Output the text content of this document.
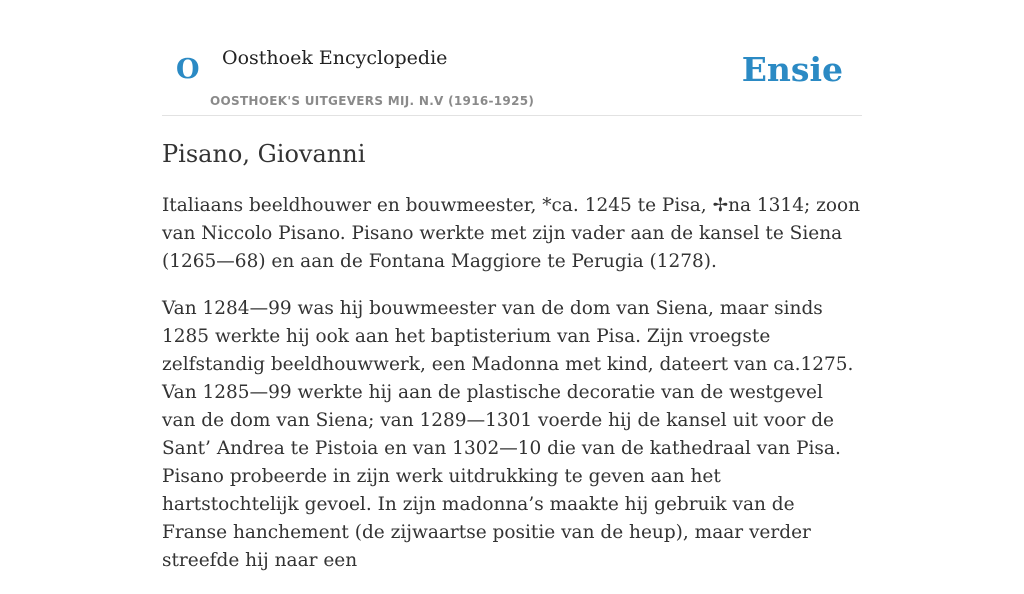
O Oosthoek Encyclopedie
OOSTHOEK'S UITGEVERS MIJ. N.V (1916-1925)
Ensie
Pisano, Giovanni

Italiaans beeldhouwer en bouwmeester, *ca. 1245 te Pisa, ✢na 1314; zoon van Niccolo Pisano. Pisano werkte met zijn vader aan de kansel te Siena (1265—68) en aan de Fontana Maggiore te Perugia (1278).

Van 1284—99 was hij bouwmeester van de dom van Siena, maar sinds 1285 werkte hij ook aan het baptisterium van Pisa. Zijn vroegste zelfstandig beeldhouwwerk, een Madonna met kind, dateert van ca.1275. Van 1285—99 werkte hij aan de plastische decoratie van de westgevel van de dom van Siena; van 1289—1301 voerde hij de kansel uit voor de Sant’ Andrea te Pistoia en van 1302—10 die van de kathedraal van Pisa. Pisano probeerde in zijn werk uitdrukking te geven aan het hartstochtelijk gevoel. In zijn madonna’s maakte hij gebruik van de Franse hanchement (de zijwaartse positie van de heup), maar verder streefde hij naar een
